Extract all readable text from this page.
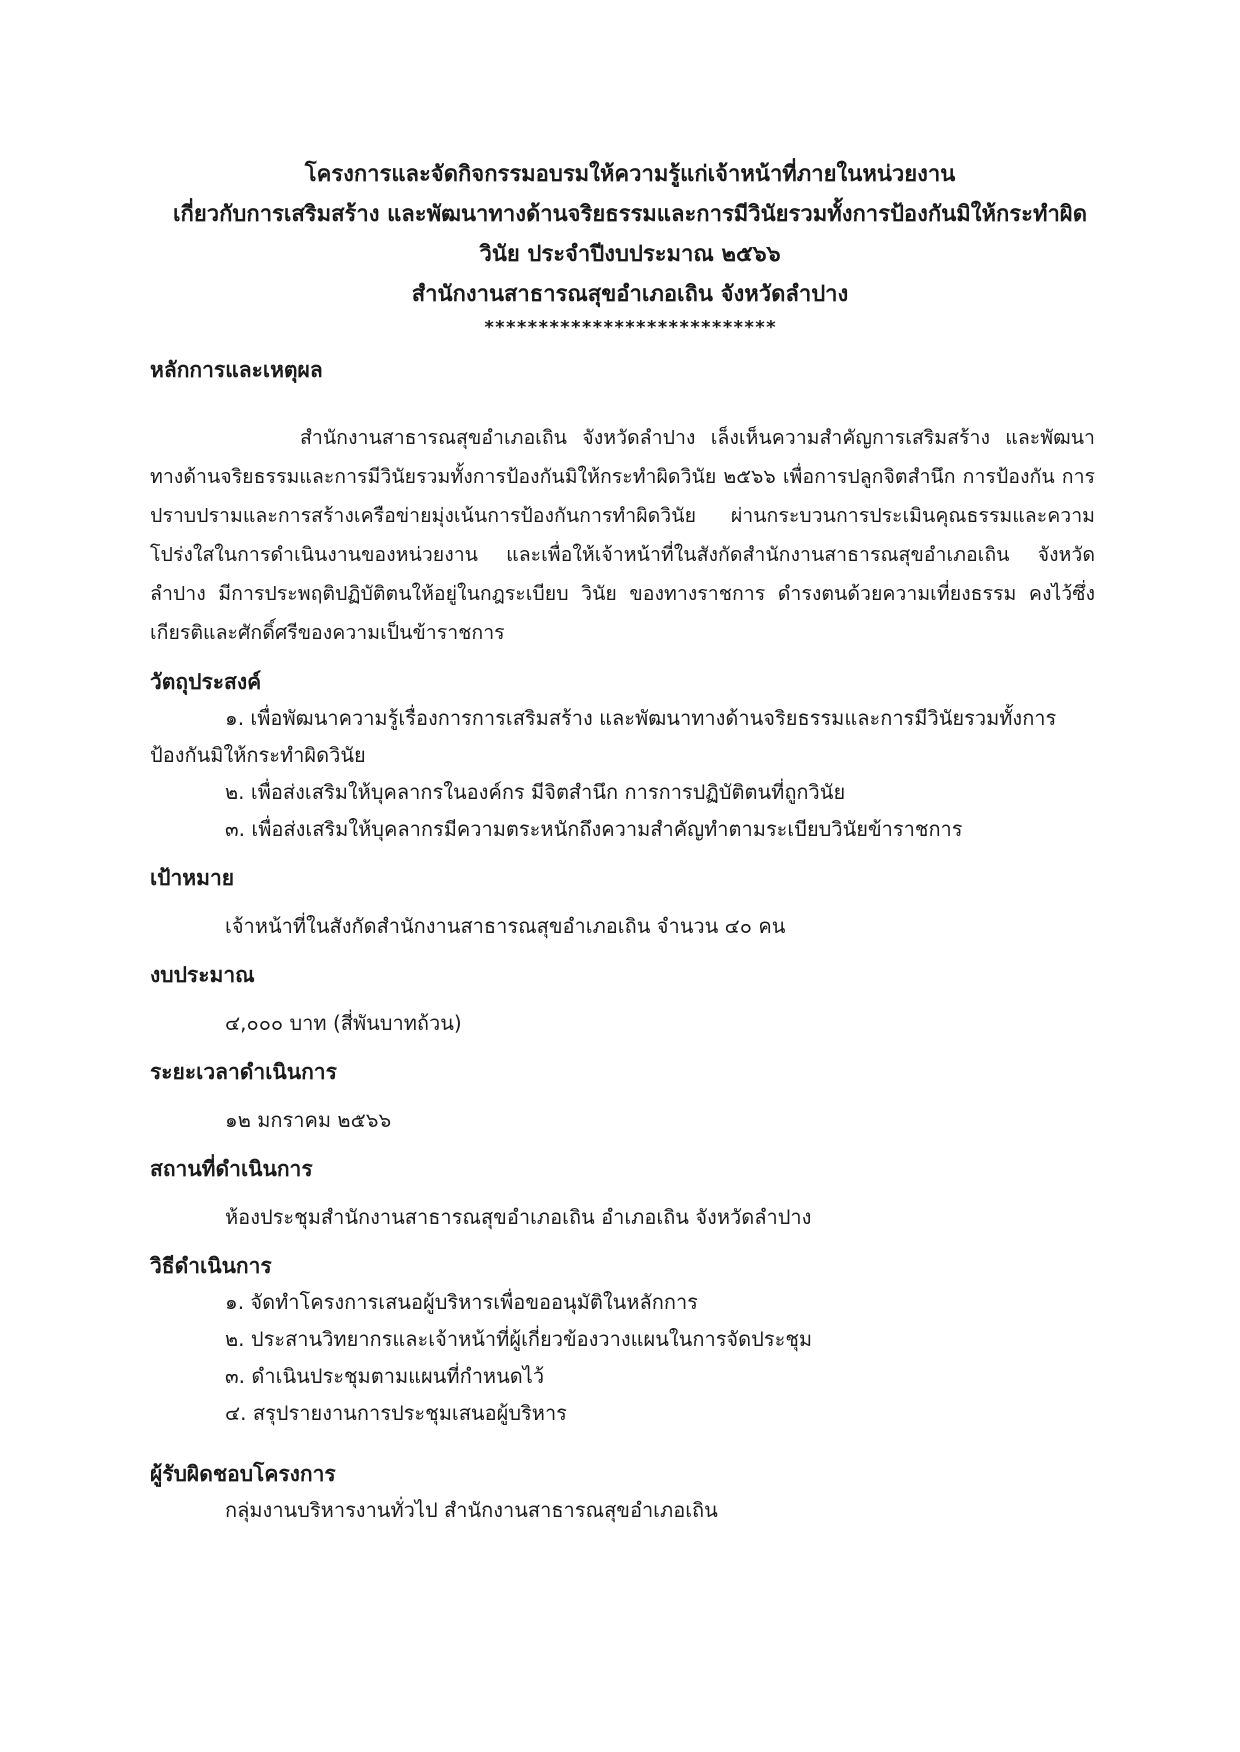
โครงการและจัดกิจกรรมอบรมให้ความรู้แก่เจ้าหน้าที่ภายในหน่วยงาน
เกี่ยวกับการเสริมสร้าง และพัฒนาทางด้านจริยธรรมและการมีวินัยรวมทั้งการป้องกันมิให้กระทำผิด
วินัย ประจำปีงบประมาณ ๒๕๖๖
สำนักงานสาธารณสุขอำเภอเถิน จังหวัดลำปาง
***************************

หลักการและเหตุผล

สำนักงานสาธารณสุขอำเภอเถิน จังหวัดลำปาง เล็งเห็นความสำคัญการเสริมสร้าง และพัฒนาทางด้านจริยธรรมและการมีวินัยรวมทั้งการป้องกันมิให้กระทำผิดวินัย ๒๕๖๖ เพื่อการปลูกจิตสำนึก การป้องกัน การปราบปรามและการสร้างเครือข่ายมุ่งเน้นการป้องกันการทำผิดวินัย ผ่านกระบวนการประเมินคุณธรรมและความโปร่งใสในการดำเนินงานของหน่วยงาน และเพื่อให้เจ้าหน้าที่ในสังกัดสำนักงานสาธารณสุขอำเภอเถิน จังหวัดลำปาง มีการประพฤติปฏิบัติตนให้อยู่ในกฎระเบียบ วินัย ของทางราชการ ดำรงตนด้วยความเที่ยงธรรม คงไว้ซึ่งเกียรติและศักดิ์ศรีของความเป็นข้าราชการ

วัตถุประสงค์

๑. เพื่อพัฒนาความรู้เรื่องการการเสริมสร้าง และพัฒนาทางด้านจริยธรรมและการมีวินัยรวมทั้งการป้องกันมิให้กระทำผิดวินัย

๒. เพื่อส่งเสริมให้บุคลากรในองค์กร มีจิตสำนึก การการปฏิบัติตนที่ถูกวินัย

๓. เพื่อส่งเสริมให้บุคลากรมีความตระหนักถึงความสำคัญทำตามระเบียบวินัยข้าราชการ

เป้าหมาย

เจ้าหน้าที่ในสังกัดสำนักงานสาธารณสุขอำเภอเถิน จำนวน ๔๐ คน

งบประมาณ

๔,๐๐๐ บาท (สี่พันบาทถ้วน)

ระยะเวลาดำเนินการ

๑๒ มกราคม ๒๕๖๖

สถานที่ดำเนินการ

ห้องประชุมสำนักงานสาธารณสุขอำเภอเถิน อำเภอเถิน จังหวัดลำปาง

วิธีดำเนินการ

๑. จัดทำโครงการเสนอผู้บริหารเพื่อขออนุมัติในหลักการ

๒. ประสานวิทยากรและเจ้าหน้าที่ผู้เกี่ยวข้องวางแผนในการจัดประชุม

๓. ดำเนินประชุมตามแผนที่กำหนดไว้

๔. สรุปรายงานการประชุมเสนอผู้บริหาร

ผู้รับผิดชอบโครงการ

กลุ่มงานบริหารงานทั่วไป สำนักงานสาธารณสุขอำเภอเถิน
